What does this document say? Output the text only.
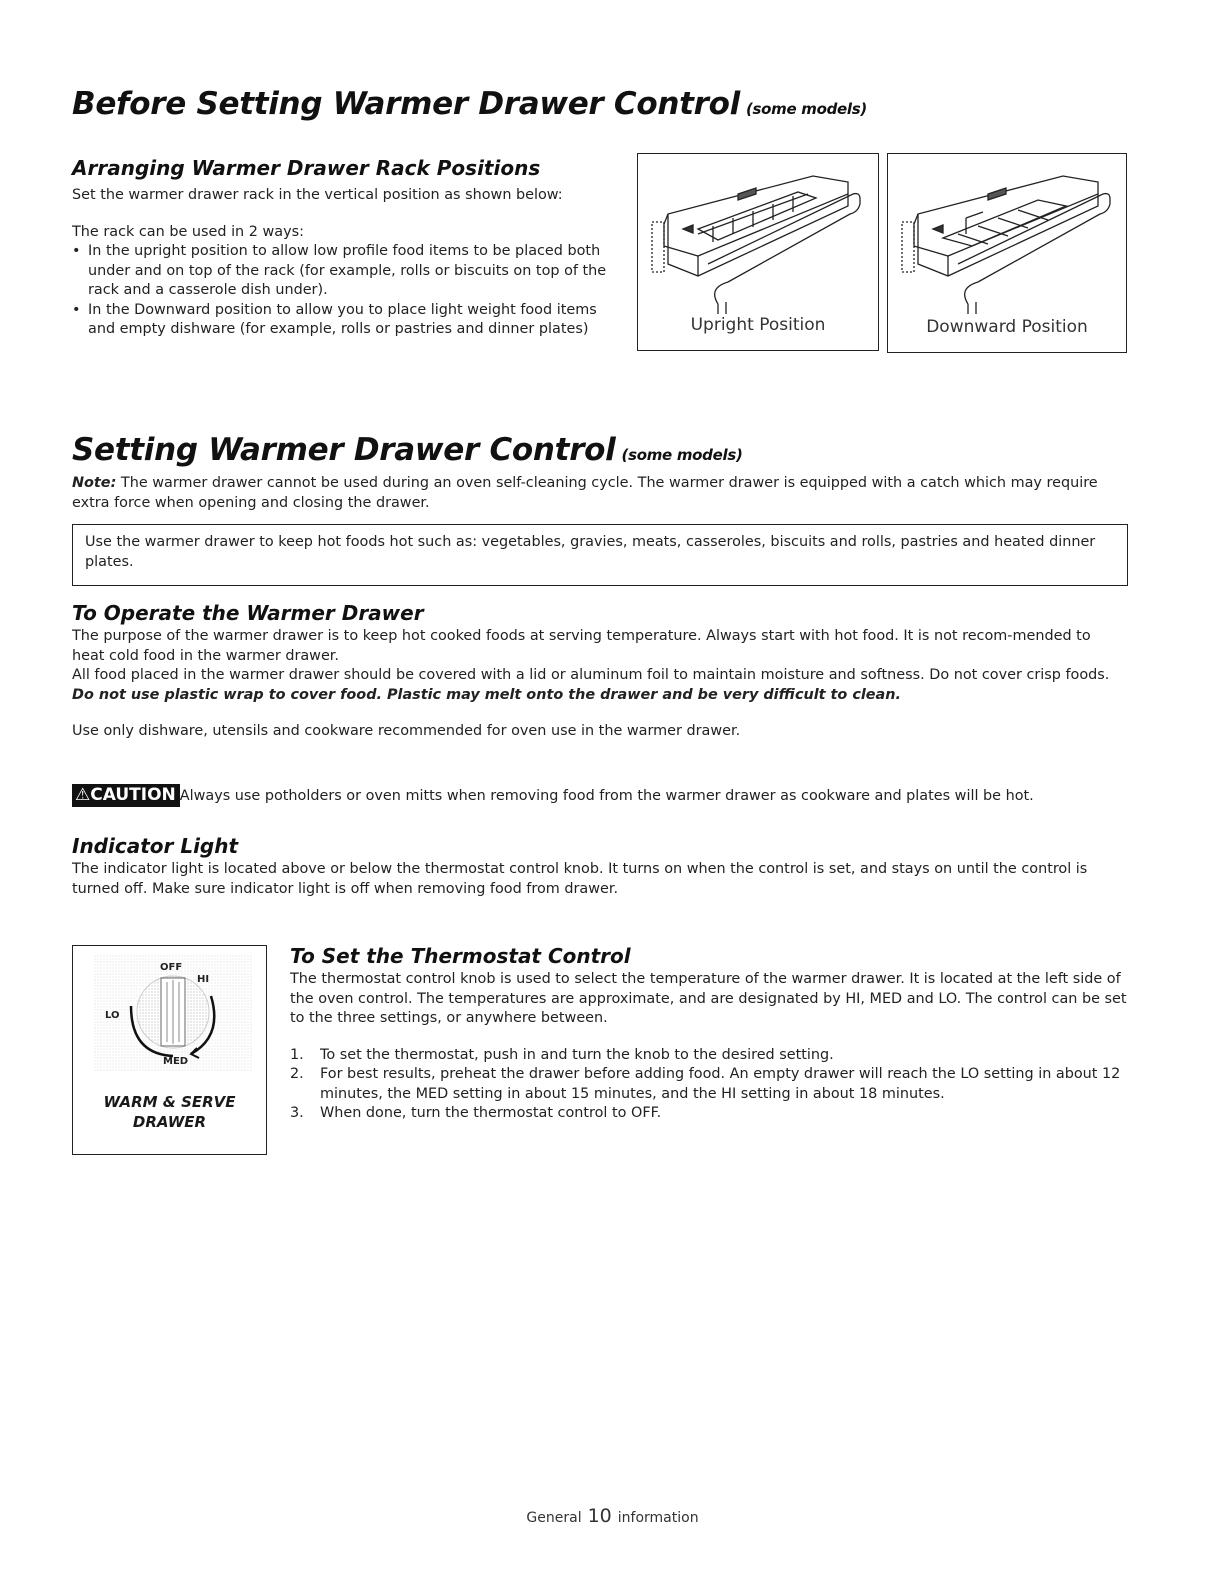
Before Setting Warmer Drawer Control (some models)
Arranging Warmer Drawer Rack Positions

Set the warmer drawer rack in the vertical position as shown below:

The rack can be used in 2 ways:

• In the upright position to allow low profile food items to be placed both under and on top of the rack (for example, rolls or biscuits on top of the rack and a casserole dish under).

• In the Downward position to allow you to place light weight food items and empty dishware (for example, rolls or pastries and dinner plates)	Upright Position	Downward Position
Setting Warmer Drawer Control (some models)

Note: The warmer drawer cannot be used during an oven self-cleaning cycle. The warmer drawer is equipped with a catch which may require extra force when opening and closing the drawer.

Use the warmer drawer to keep hot foods hot such as: vegetables, gravies, meats, casseroles, biscuits and rolls, pastries and heated dinner plates.

To Operate the Warmer Drawer

The purpose of the warmer drawer is to keep hot cooked foods at serving temperature. Always start with hot food. It is not recom-mended to heat cold food in the warmer drawer.

All food placed in the warmer drawer should be covered with a lid or aluminum foil to maintain moisture and softness. Do not cover crisp foods. Do not use plastic wrap to cover food. Plastic may melt onto the drawer and be very difficult to clean.

Use only dishware, utensils and cookware recommended for oven use in the warmer drawer.

⚠CAUTION Always use potholders or oven mitts when removing food from the warmer drawer as cookware and plates will be hot.
Indicator Light

The indicator light is located above or below the thermostat control knob. It turns on when the control is set, and stays on until the control is turned off. Make sure indicator light is off when removing food from drawer.

OFF
HI
LO
MED
WARM & SERVE
DRAWER
To Set the Thermostat Control

The thermostat control knob is used to select the temperature of the warmer drawer. It is located at the left side of the oven control. The temperatures are approximate, and are designated by HI, MED and LO. The control can be set to the three settings, or anywhere between.

1. To set the thermostat, push in and turn the knob to the desired setting.

2. For best results, preheat the drawer before adding food. An empty drawer will reach the LO setting in about 12 minutes, the MED setting in about 15 minutes, and the HI setting in about 18 minutes.

3. When done, turn the thermostat control to OFF.

General 10 information
